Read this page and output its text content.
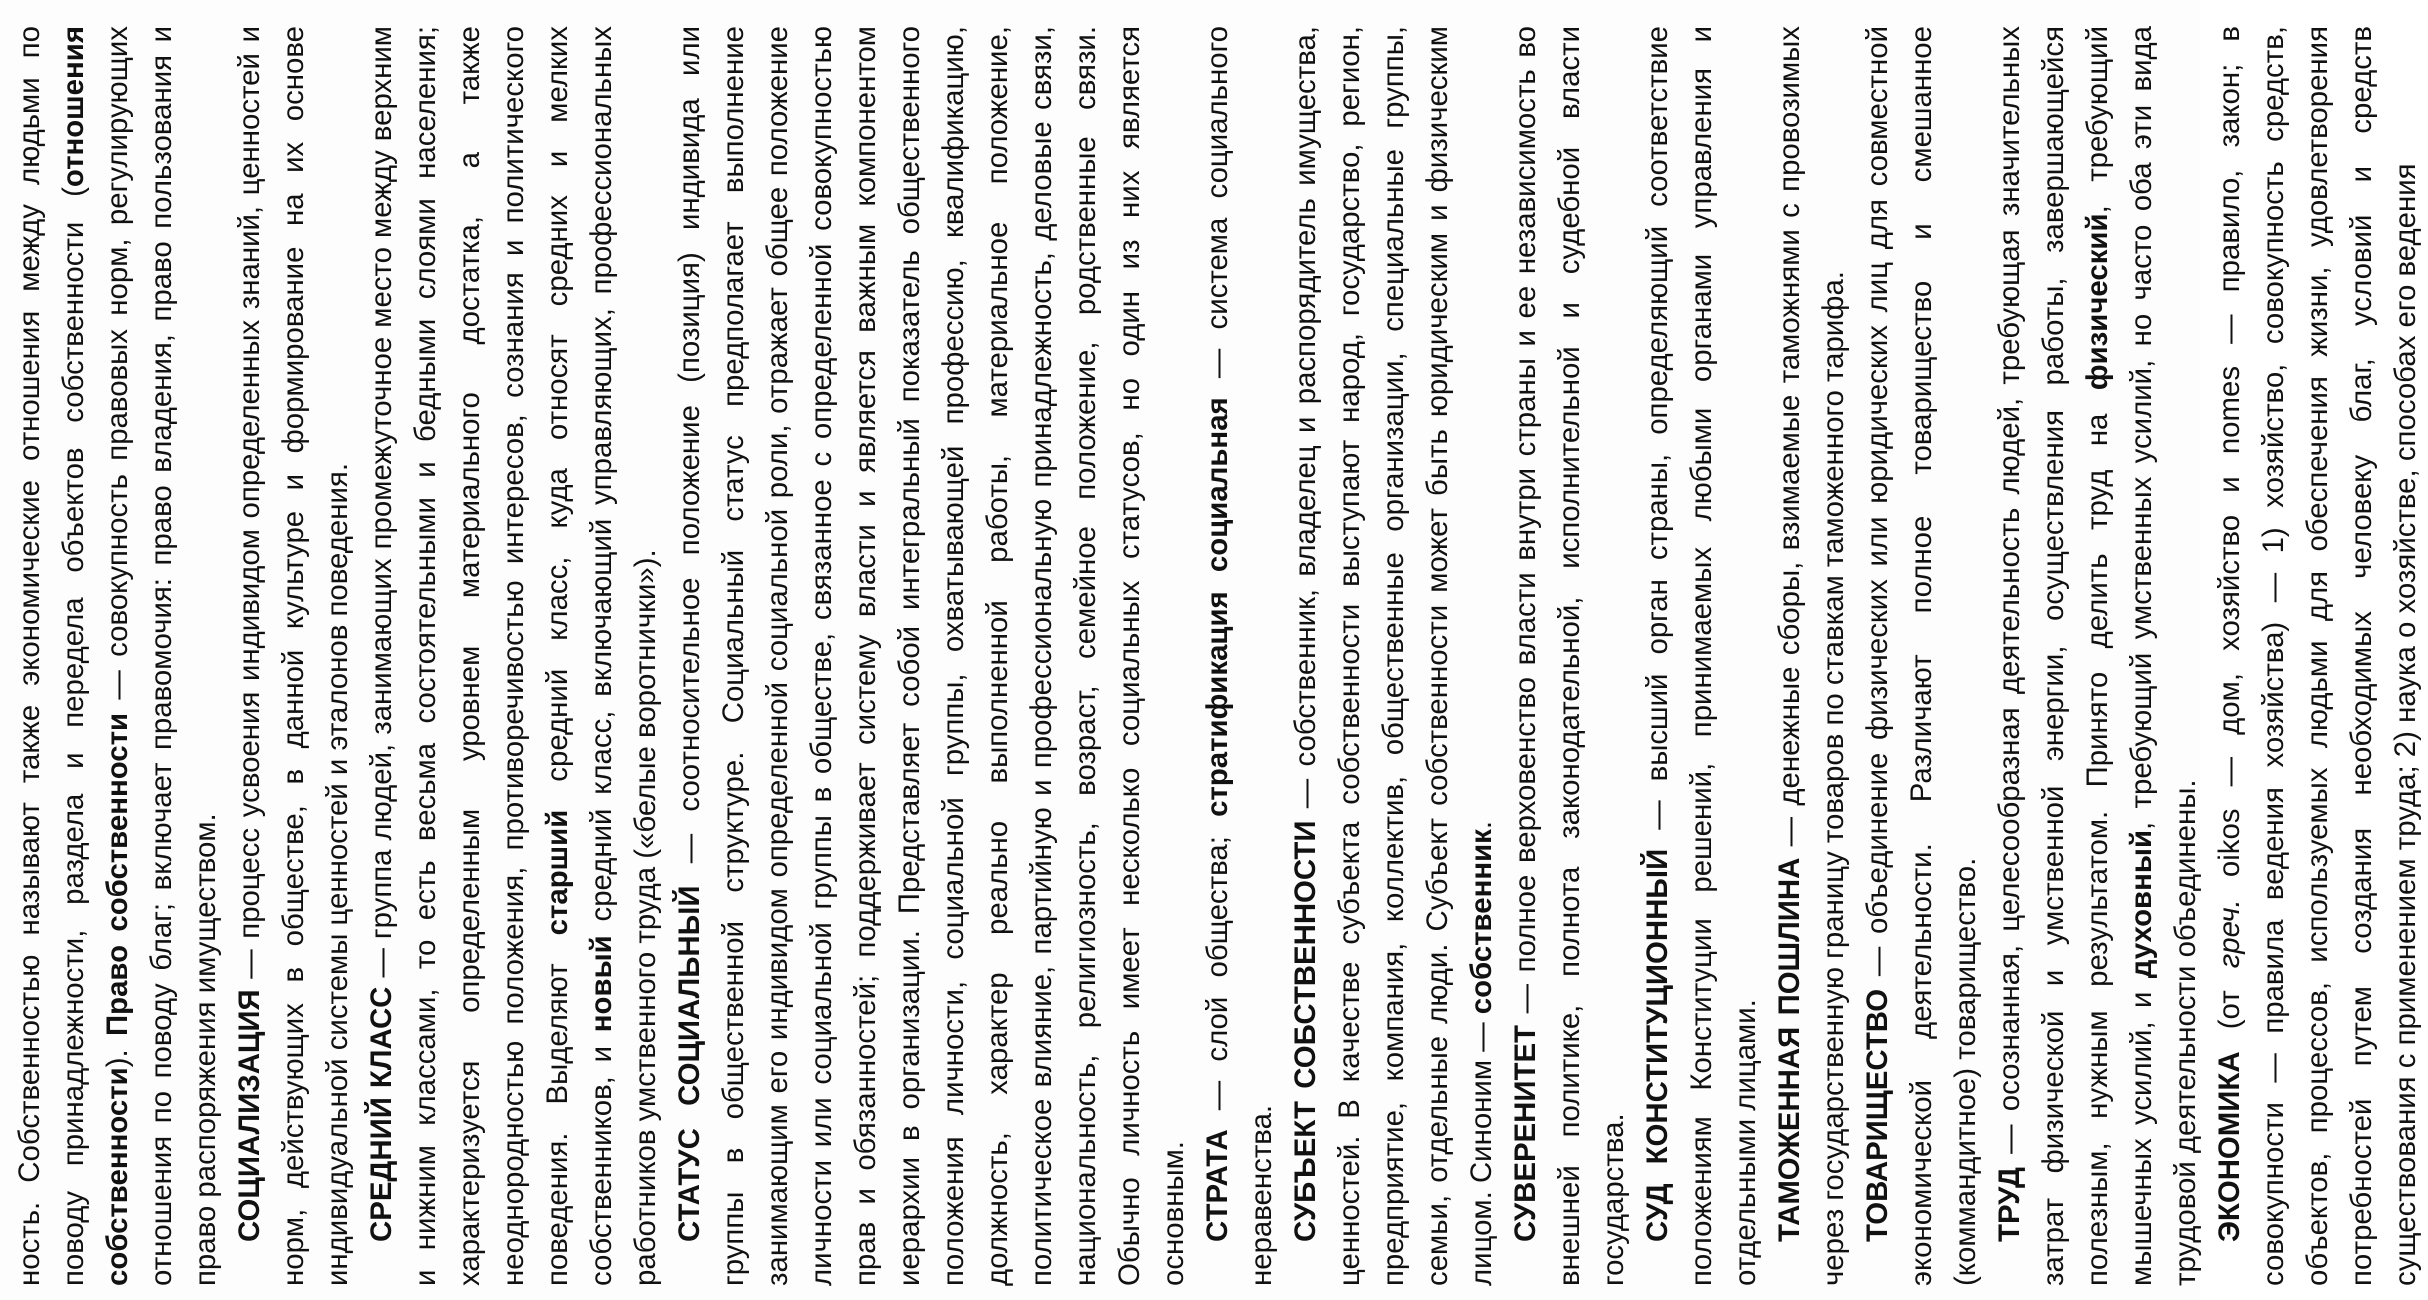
ность. Собственностью называют также экономические отношения между людьми по поводу принадлежности, раздела и передела объектов собственности (отношения собственности). Право собственности — совокупность правовых норм, регулирующих отношения по поводу благ; включает правомочия: право владения, право пользования и право распоряжения имуществом. СОЦИАЛИЗАЦИЯ — процесс усвоения индивидом определенных знаний, ценностей и норм, действующих в обществе, в данной культуре и формирование на их основе индивидуальной системы ценностей и эталонов поведения. СРЕДНИЙ КЛАСС — группа людей, занимающих промежуточное место между верхним и нижним классами, то есть весьма состоятельными и бедными слоями населения; характеризуется определенным уровнем материального достатка, а также неоднородностью положения, противоречивостью интересов, сознания и политического поведения. Выделяют старший средний класс, куда относят средних и мелких собственников, и новый средний класс, включающий управляющих, профессиональных работников умственного труда («белые воротнички»). СТАТУС СОЦИАЛЬНЫЙ — соотносительное положение (позиция) индивида или группы в общественной структуре. Социальный статус предполагает выполнение занимающим его индивидом определенной социальной роли, отражает общее положение личности или социальной группы в обществе, связанное с определенной совокупностью прав и обязанностей; поддерживает систему власти и является важным компонентом иерархии в организации. Представляет собой интегральный показатель общественного положения личности, социальной группы, охватывающей профессию, квалификацию, должность, характер реально выполненной работы, материальное положение, политическое влияние, партийную и профессиональную принадлежность, деловые связи, национальность, религиозность, возраст, семейное положение, родственные связи. Обычно личность имеет несколько социальных статусов, но один из них является основным. СТРАТА — слой общества; стратификация социальная — система социального неравенства. СУБЪЕКТ СОБСТВЕННОСТИ — собственник, владелец и распорядитель имущества, ценностей. В качестве субъекта собственности выступают народ, государство, регион, предприятие, компания, коллектив, общественные организации, специальные группы, семьи, отдельные люди. Субъект собственности может быть юридическим и физическим лицом. Синоним — собственник.

СУВЕРЕНИТЕТ — полное верховенство власти внутри страны и ее независимость во внешней политике, полнота законодательной, исполнительной и судебной власти государства. СУД КОНСТИТУЦИОННЫЙ — высший орган страны, определяющий соответствие положениям Конституции решений, принимаемых любыми органами управления и отдельными лицами. ТАМОЖЕННАЯ ПОШЛИНА — денежные сборы, взимаемые таможнями с провозимых через государственную границу товаров по ставкам таможенного тарифа. ТОВАРИЩЕСТВО — объединение физических или юридических лиц для совместной экономической деятельности. Различают полное товарищество и смешанное (коммандитное) товарищество. ТРУД — осознанная, целесообразная деятельность людей, требующая значительных затрат физической и умственной энергии, осуществления работы, завершающейся полезным, нужным результатом. Принято делить труд на физический, требующий мышечных усилий, и духовный, требующий умственных усилий, но часто оба эти вида трудовой деятельности объединены. ЭКОНОМИКА (от греч. oikos — дом, хозяйство и nomes — правило, закон; в совокупности — правила ведения хозяйства) — 1) хозяйство, совокупность средств, объектов, процессов, используемых людьми для обеспечения жизни, удовлетворения потребностей путем создания необходимых человеку благ, условий и средств существования с применением труда; 2) наука о хозяйстве, способах его ведения
